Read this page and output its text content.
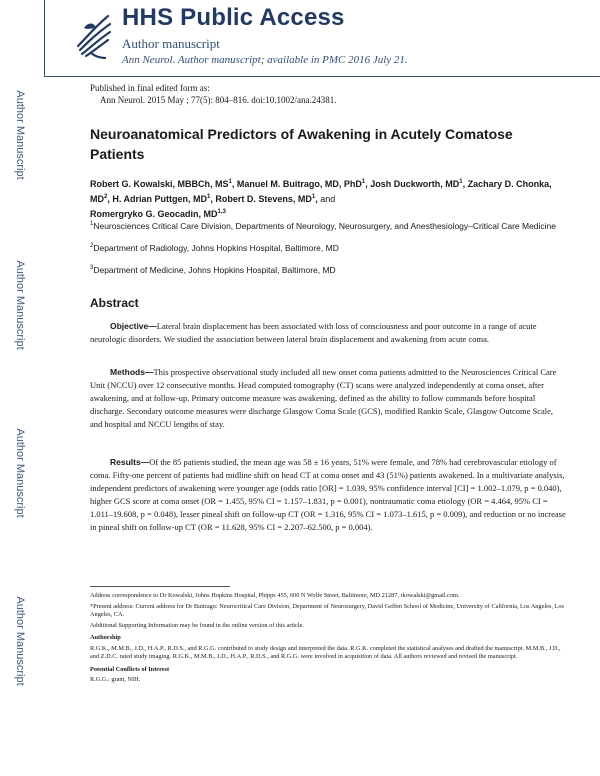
Author Manuscript
Author Manuscript
Author Manuscript
Author Manuscript
HHS Public Access
Author manuscript
Ann Neurol. Author manuscript; available in PMC 2016 July 21.
Published in final edited form as:
Ann Neurol. 2015 May ; 77(5): 804–816. doi:10.1002/ana.24381.
Neuroanatomical Predictors of Awakening in Acutely Comatose Patients
Robert G. Kowalski, MBBCh, $MS^1$, Manuel M. Buitrago, MD, PhD$^1$, Josh Duckworth, $MD^1$, Zachary D. Chonka, $MD^2$, H. Adrian Puttgen, $MD^1$, Robert D. Stevens, $MD^1$, and
Romergryko G. Geocadin, MD$^{1,3}$

$^1$Neurosciences Critical Care Division, Departments of Neurology, Neurosurgery, and Anesthesiology–Critical Care Medicine

$^2$Department of Radiology, Johns Hopkins Hospital, Baltimore, MD

$^3$Department of Medicine, Johns Hopkins Hospital, Baltimore, MD

Abstract

Objective—Lateral brain displacement has been associated with loss of consciousness and poor outcome in a range of acute neurologic disorders. We studied the association between lateral brain displacement and awakening from acute coma.

Methods—This prospective observational study included all new onset coma patients admitted to the Neurosciences Critical Care Unit (NCCU) over 12 consecutive months. Head computed tomography (CT) scans were analyzed independently at coma onset, after awakening, and at follow-up. Primary outcome measure was awakening, defined as the ability to follow commands before hospital discharge. Secondary outcome measures were discharge Glasgow Coma Scale (GCS), modified Rankin Scale, Glasgow Outcome Scale, and hospital and NCCU lengths of stay.

Results—Of the 85 patients studied, the mean age was 58 ± 16 years, 51% were female, and 78% had cerebrovascular etiology of coma. Fifty-one percent of patients had midline shift on head CT at coma onset and 43 (51%) patients awakened. In a multivariate analysis, independent predictors of awakening were younger age (odds ratio [OR] = 1.039, 95% confidence interval [CI] = 1.002–1.079, p = 0.040), higher GCS score at coma onset (OR = 1.455, 95% CI = 1.157–1.831, p = 0.001), nontraumatic coma etiology (OR = 4.464, 95% CI = 1.011–19.608, p = 0.048), lesser pineal shift on follow-up CT (OR = 1.316, 95% CI = 1.073–1.615, p = 0.009), and reduction or no increase in pineal shift on follow-up CT (OR = 11.628, 95% CI = 2.207–62.500, p = 0.004).

Address correspondence to Dr Kowalski, Johns Hopkins Hospital, Phipps 455, 600 N Wolfe Street, Baltimore, MD 21287. rkowalski@gmail.com.

*Present address: Current address for Dr Buitrago: Neurocritical Care Division, Department of Neurosurgery, David Geffen School of Medicine, University of California, Los Angeles, Los Angeles, CA.

Additional Supporting Information may be found in the online version of this article.

Authorship

R.G.K., M.M.B., J.D., H.A.P., R.D.S., and R.G.G. contributed to study design and interpreted the data. R.G.K. completed the statistical analyses and drafted the manuscript. M.M.B., J.D., and Z.D.C. rated study imaging. R.G.K., M.M.B., J.D., H.A.P., R.D.S., and R.G.G. were involved in acquisition of data. All authors reviewed and revised the manuscript.

Potential Conflicts of Interest

R.G.G.: grant, NIH.
